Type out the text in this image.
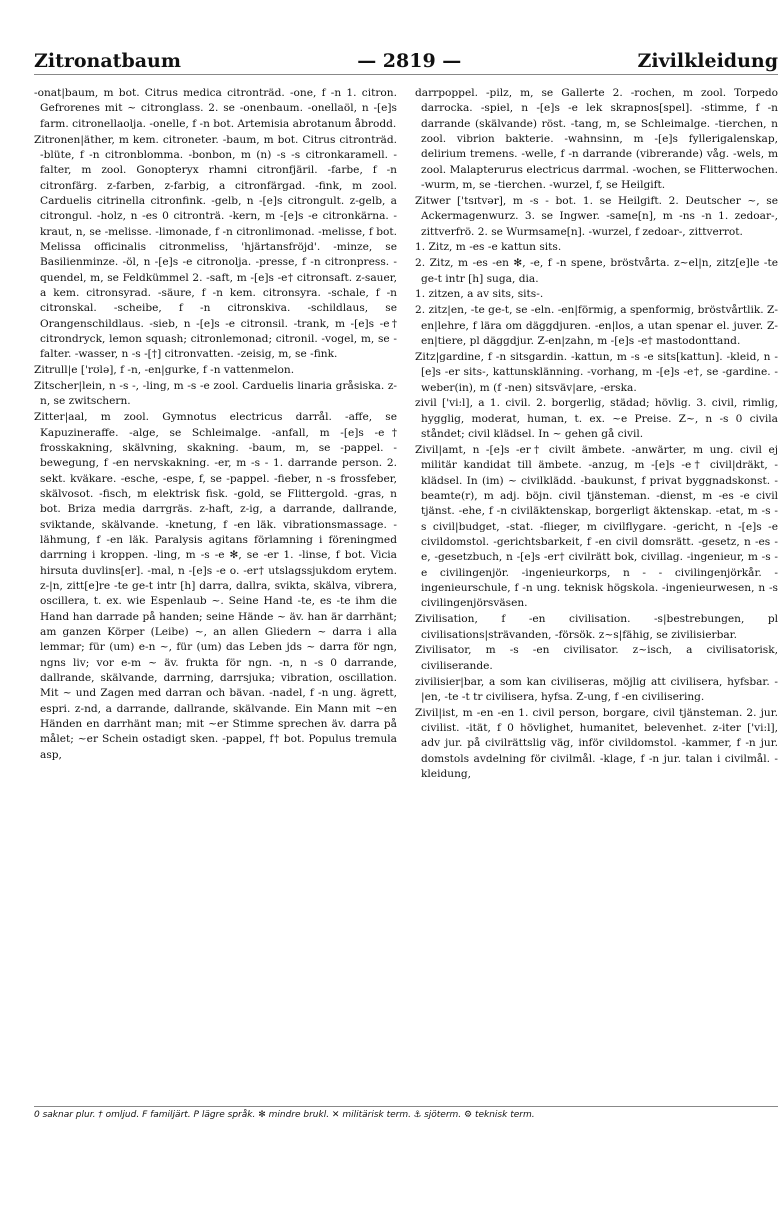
Zitronatbaum	— 2819 —	Zivilkleidung

-onat|baum, m bot. Citrus medica citronträd. -one, f -n 1. citron. Gefrorenes mit ~ citronglass. 2. se -onenbaum. -onellaöl, n -[e]s farm. citronellaolja. -onelle, f -n bot. Artemisia abrotanum åbrodd.

Zitronen|äther, m kem. citroneter. -baum, m bot. Citrus citronträd. -blüte, f -n citronblomma. -bonbon, m (n) -s -s citronkaramell. -falter, m zool. Gonopteryx rhamni citronfjäril. -farbe, f -n citronfärg. z-farben, z-farbig, a citronfärgad. -fink, m zool. Carduelis citrinella citronfink. -gelb, n -[e]s citrongult. z-gelb, a citrongul. -holz, n -es 0 citronträ. -kern, m -[e]s -e citronkärna. -kraut, n, se -melisse. -limonade, f -n citronlimonad. -melisse, f bot. Melissa officinalis citronmeliss, 'hjärtansfröjd'. -minze, se Basilienminze. -öl, n -[e]s -e citronolja. -presse, f -n citronpress. -quendel, m, se Feldkümmel 2. -saft, m -[e]s -e† citronsaft. z-sauer, a kem. citronsyrad. -säure, f -n kem. citronsyra. -schale, f -n citronskal. -scheibe, f -n citronskiva. -schildlaus, se Orangenschildlaus. -sieb, n -[e]s -e citronsil. -trank, m -[e]s -e† citrondryck, lemon squash; citronlemonad; citronil. -vogel, m, se -falter. -wasser, n -s -[†] citronvatten. -zeisig, m, se -fink.

Zitrull|e ['rʊlə], f -n, -en|gurke, f -n vattenmelon.

Zitscher|lein, n -s -, -ling, m -s -e zool. Carduelis linaria gråsiska. z-n, se zwitschern.

Zitter|aal, m zool. Gymnotus electricus darrål. -affe, se Kapuzineraffe. -alge, se Schleimalge. -anfall, m -[e]s -e† frosskakning, skälvning, skakning. -baum, m, se -pappel. -bewegung, f -en nervskakning. -er, m -s - 1. darrande person. 2. sekt. kväkare. -esche, -espe, f, se -pappel. -fieber, n -s frossfeber, skälvosot. -fisch, m elektrisk fisk. -gold, se Flittergold. -gras, n bot. Briza media darrgräs. z-haft, z-ig, a darrande, dallrande, sviktande, skälvande. -knetung, f -en läk. vibrationsmassage. -lähmung, f -en läk. Paralysis agitans förlamning i föreningmed darrning i kroppen. -ling, m -s -e ✻, se -er 1. -linse, f bot. Vicia hirsuta duvlins[er]. -mal, n -[e]s -e o. -er† utslagssjukdom erytem. z-|n, zitt[e]re -te ge-t intr [h] darra, dallra, svikta, skälva, vibrera, oscillera, t. ex. wie Espenlaub ~. Seine Hand -te, es -te ihm die Hand han darrade på handen; seine Hände ~ äv. han är darrhänt; am ganzen Körper (Leibe) ~, an allen Gliedern ~ darra i alla lemmar; für (um) e-n ~, für (um) das Leben jds ~ darra för ngn, ngns liv; vor e-m ~ äv. frukta för ngn. -n, n -s 0 darrande, dallrande, skälvande, darrning, darrsjuka; vibration, oscillation. Mit ~ und Zagen med darran och bävan. -nadel, f -n ung. ägrett, espri. z-nd, a darrande, dallrande, skälvande. Ein Mann mit ~en Händen en darrhänt man; mit ~er Stimme sprechen äv. darra på målet; ~er Schein ostadigt sken. -pappel, f† bot. Populus tremula asp,

darrpoppel. -pilz, m, se Gallerte 2. -rochen, m zool. Torpedo darrocka. -spiel, n -[e]s -e lek skrapnos[spel]. -stimme, f -n darrande (skälvande) röst. -tang, m, se Schleimalge. -tierchen, n zool. vibrion bakterie. -wahnsinn, m -[e]s fyllerigalenskap, delirium tremens. -welle, f -n darrande (vibrerande) våg. -wels, m zool. Malapterurus electricus darrmal. -wochen, se Flitterwochen. -wurm, m, se -tierchen. -wurzel, f, se Heilgift.

Zitwer ['tsɪtvər], m -s - bot. 1. se Heilgift. 2. Deutscher ~, se Ackermagenwurz. 3. se Ingwer. -same[n], m -ns -n 1. zedoar-, zittverfrö. 2. se Wurmsame[n]. -wurzel, f zedoar-, zittverrot.

1. Zitz, m -es -e kattun sits.

2. Zitz, m -es -en ✻, -e, f -n spene, bröstvårta. z~el|n, zitz[e]le -te ge-t intr [h] suga, dia.

1. zitzen, a av sits, sits-.

2. zitz|en, -te ge-t, se -eln. -en|förmig, a spenformig, bröstvårtlik. Z-en|lehre, f lära om däggdjuren. -en|los, a utan spenar el. juver. Z-en|tiere, pl däggdjur. Z-en|zahn, m -[e]s -e† mastodonttand.

Zitz|gardine, f -n sitsgardin. -kattun, m -s -e sits[kattun]. -kleid, n -[e]s -er sits-, kattunsklänning. -vorhang, m -[e]s -e†, se -gardine. -weber(in), m (f -nen) sitsväv|are, -erska.

zivil ['vi:l], a 1. civil. 2. borgerlig, städad; hövlig. 3. civil, rimlig, hygglig, moderat, human, t. ex. ~e Preise. Z~, n -s 0 civila ståndet; civil klädsel. In ~ gehen gå civil.

Zivil|amt, n -[e]s -er† civilt ämbete. -anwärter, m ung. civil ej militär kandidat till ämbete. -anzug, m -[e]s -e† civil|dräkt, -klädsel. In (im) ~ civilklädd. -baukunst, f privat byggnadskonst. -beamte(r), m adj. böjn. civil tjänsteman. -dienst, m -es -e civil tjänst. -ehe, f -n civiläktenskap, borgerligt äktenskap. -etat, m -s -s civil|budget, -stat. -flieger, m civilflygare. -gericht, n -[e]s -e civildomstol. -gerichtsbarkeit, f -en civil domsrätt. -gesetz, n -es -e, -gesetzbuch, n -[e]s -er† civilrätt bok, civillag. -ingenieur, m -s -e civilingenjör. -ingenieurkorps, n - - civilingenjörkår. -ingenieurschule, f -n ung. teknisk högskola. -ingenieurwesen, n -s civilingenjörsväsen.

Zivilisation, f -en civilisation. -s|bestrebungen, pl civilisations|strävanden, -försök. z~s|fähig, se zivilisierbar.

Zivilisator, m -s -en civilisator. z~isch, a civilisatorisk, civiliserande.

zivilisier|bar, a som kan civiliseras, möjlig att civilisera, hyfsbar. -|en, -te -t tr civilisera, hyfsa. Z-ung, f -en civilisering.

Zivil|ist, m -en -en 1. civil person, borgare, civil tjänsteman. 2. jur. civilist. -ität, f 0 hövlighet, humanitet, belevenhet. z-iter ['vi:l], adv jur. på civilrättslig väg, inför civildomstol. -kammer, f -n jur. domstols avdelning för civilmål. -klage, f -n jur. talan i civilmål. -kleidung,

0 saknar plur. † omljud. F familjärt. P lägre språk. ✻ mindre brukl. ✕ militärisk term. ⚓ sjöterm. ⚙ teknisk term.
